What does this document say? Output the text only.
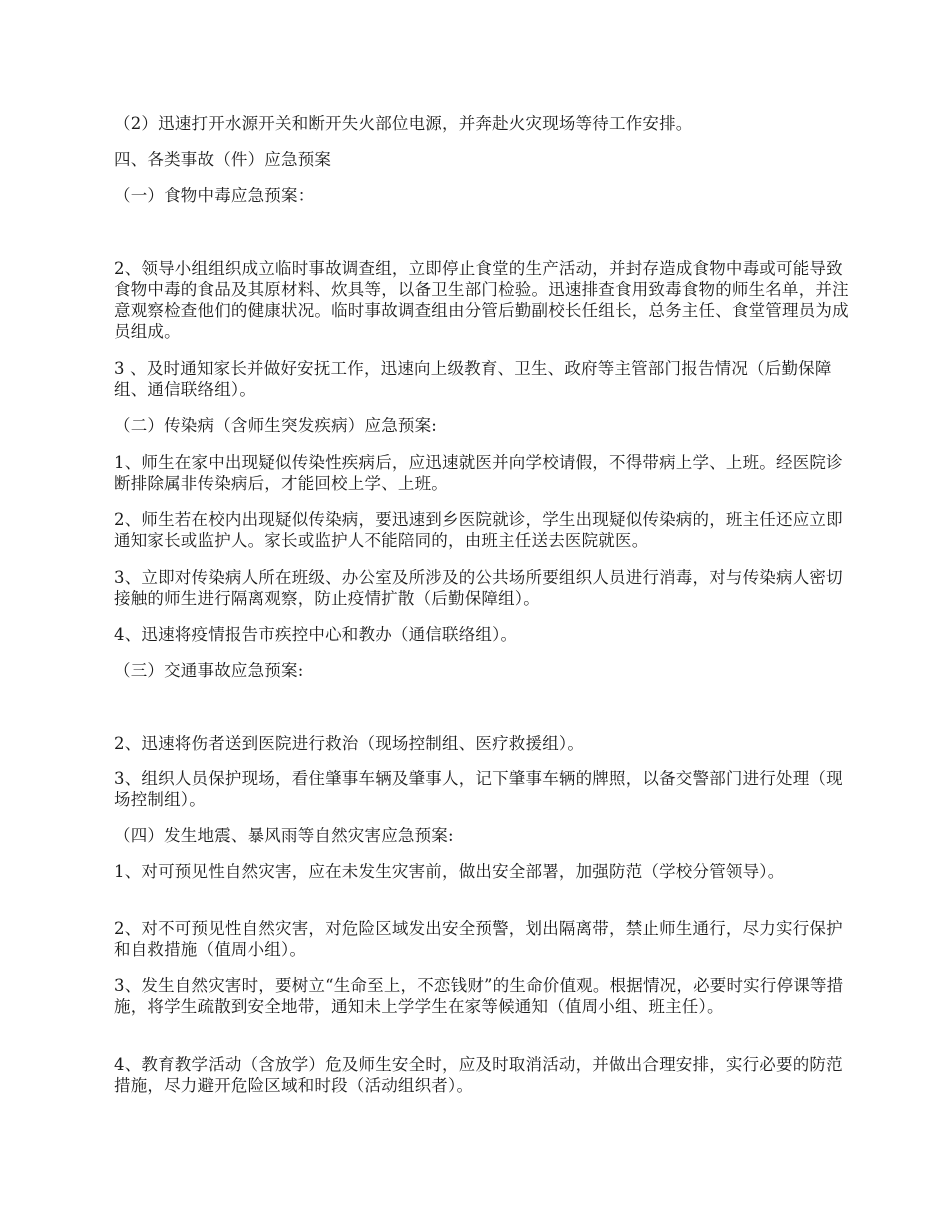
（2）迅速打开水源开关和断开失火部位电源，并奔赴火灾现场等待工作安排。

四、各类事故（件）应急预案

（一）食物中毒应急预案：

2、领导小组组织成立临时事故调查组，立即停止食堂的生产活动，并封存造成食物中毒或可能导致食物中毒的食品及其原材料、炊具等，以备卫生部门检验。迅速排查食用致毒食物的师生名单，并注意观察检查他们的健康状况。临时事故调查组由分管后勤副校长任组长，总务主任、食堂管理员为成员组成。

3 、及时通知家长并做好安抚工作，迅速向上级教育、卫生、政府等主管部门报告情况（后勤保障组、通信联络组）。

（二）传染病（含师生突发疾病）应急预案:

1、师生在家中出现疑似传染性疾病后，应迅速就医并向学校请假，不得带病上学、上班。经医院诊断排除属非传染病后，才能回校上学、上班。

2、师生若在校内出现疑似传染病，要迅速到乡医院就诊，学生出现疑似传染病的，班主任还应立即通知家长或监护人。家长或监护人不能陪同的，由班主任送去医院就医。

3、立即对传染病人所在班级、办公室及所涉及的公共场所要组织人员进行消毒，对与传染病人密切接触的师生进行隔离观察，防止疫情扩散（后勤保障组）。

4、迅速将疫情报告市疾控中心和教办（通信联络组）。

（三）交通事故应急预案:

2、迅速将伤者送到医院进行救治（现场控制组、医疗救援组）。

3、组织人员保护现场，看住肇事车辆及肇事人，记下肇事车辆的牌照，以备交警部门进行处理（现场控制组）。

（四）发生地震、暴风雨等自然灾害应急预案:

1、对可预见性自然灾害，应在未发生灾害前，做出安全部署，加强防范（学校分管领导）。

2、对不可预见性自然灾害，对危险区域发出安全预警，划出隔离带，禁止师生通行，尽力实行保护和自救措施（值周小组）。

3、发生自然灾害时，要树立“生命至上，不恋钱财”的生命价值观。根据情况，必要时实行停课等措施，将学生疏散到安全地带，通知未上学学生在家等候通知（值周小组、班主任）。

4、教育教学活动（含放学）危及师生安全时，应及时取消活动，并做出合理安排，实行必要的防范措施，尽力避开危险区域和时段（活动组织者）。
